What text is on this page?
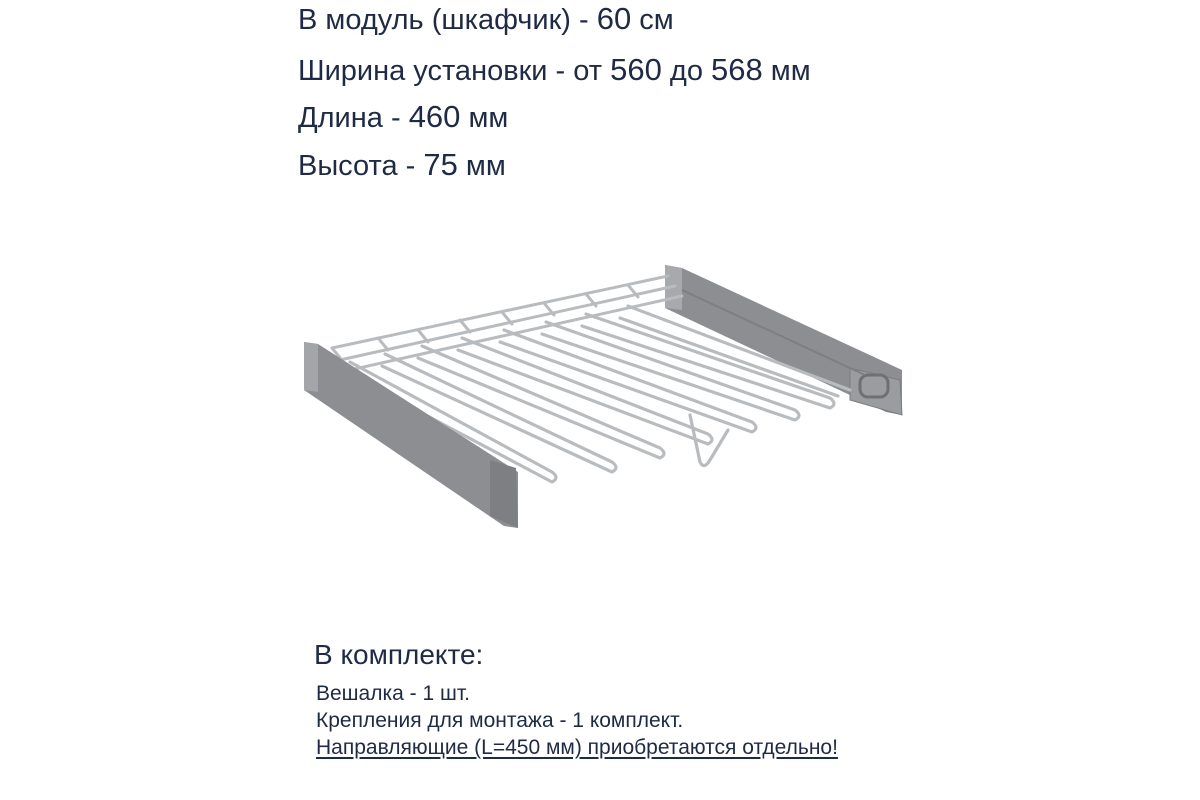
В модуль (шкафчик) - 60 см
Ширина установки - от 560 до 568 мм
Длина - 460 мм
Высота - 75 мм
В комплекте:
Вешалка - 1 шт.
Крепления для монтажа - 1 комплект.
Направляющие (L=450 мм) приобретаются отдельно!
